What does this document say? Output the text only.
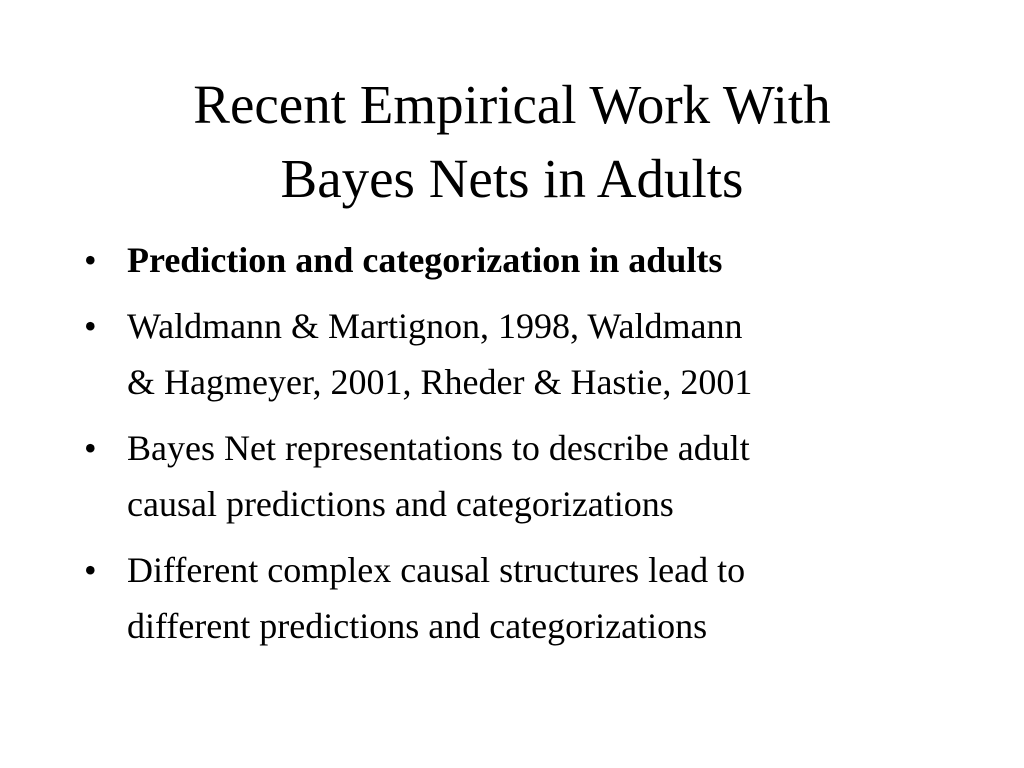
Recent Empirical Work With
Bayes Nets in Adults
• Prediction and categorization in adults
• Waldmann & Martignon, 1998, Waldmann
& Hagmeyer, 2001, Rheder & Hastie, 2001
• Bayes Net representations to describe adult
causal predictions and categorizations
• Different complex causal structures lead to
different predictions and categorizations
